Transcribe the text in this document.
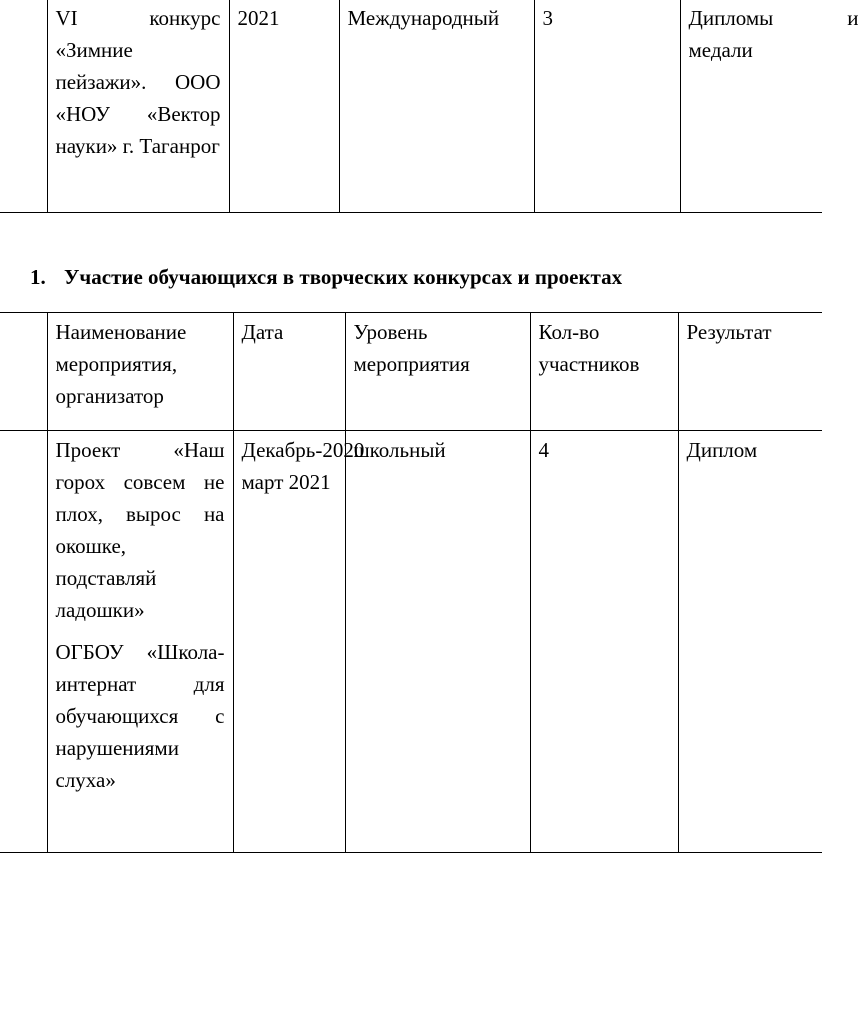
	VI конкурс «Зимние пейзажи». ООО «НОУ «Вектор науки» г. Таганрог	2021	Международный	3	Дипломы и медали
1. Участие обучающихся в творческих конкурсах и проектах
	Наименование мероприятия, организатор	Дата	Уровень мероприятия	Кол-во участников	Результат

	Проект «Наш горох совсем не плох, вырос на окошке, подставляй ладошки»

ОГБОУ «Школа-интернат для обучающихся с нарушениями слуха»	Декабрь-2020 март 2021	школьный	4	Диплом
